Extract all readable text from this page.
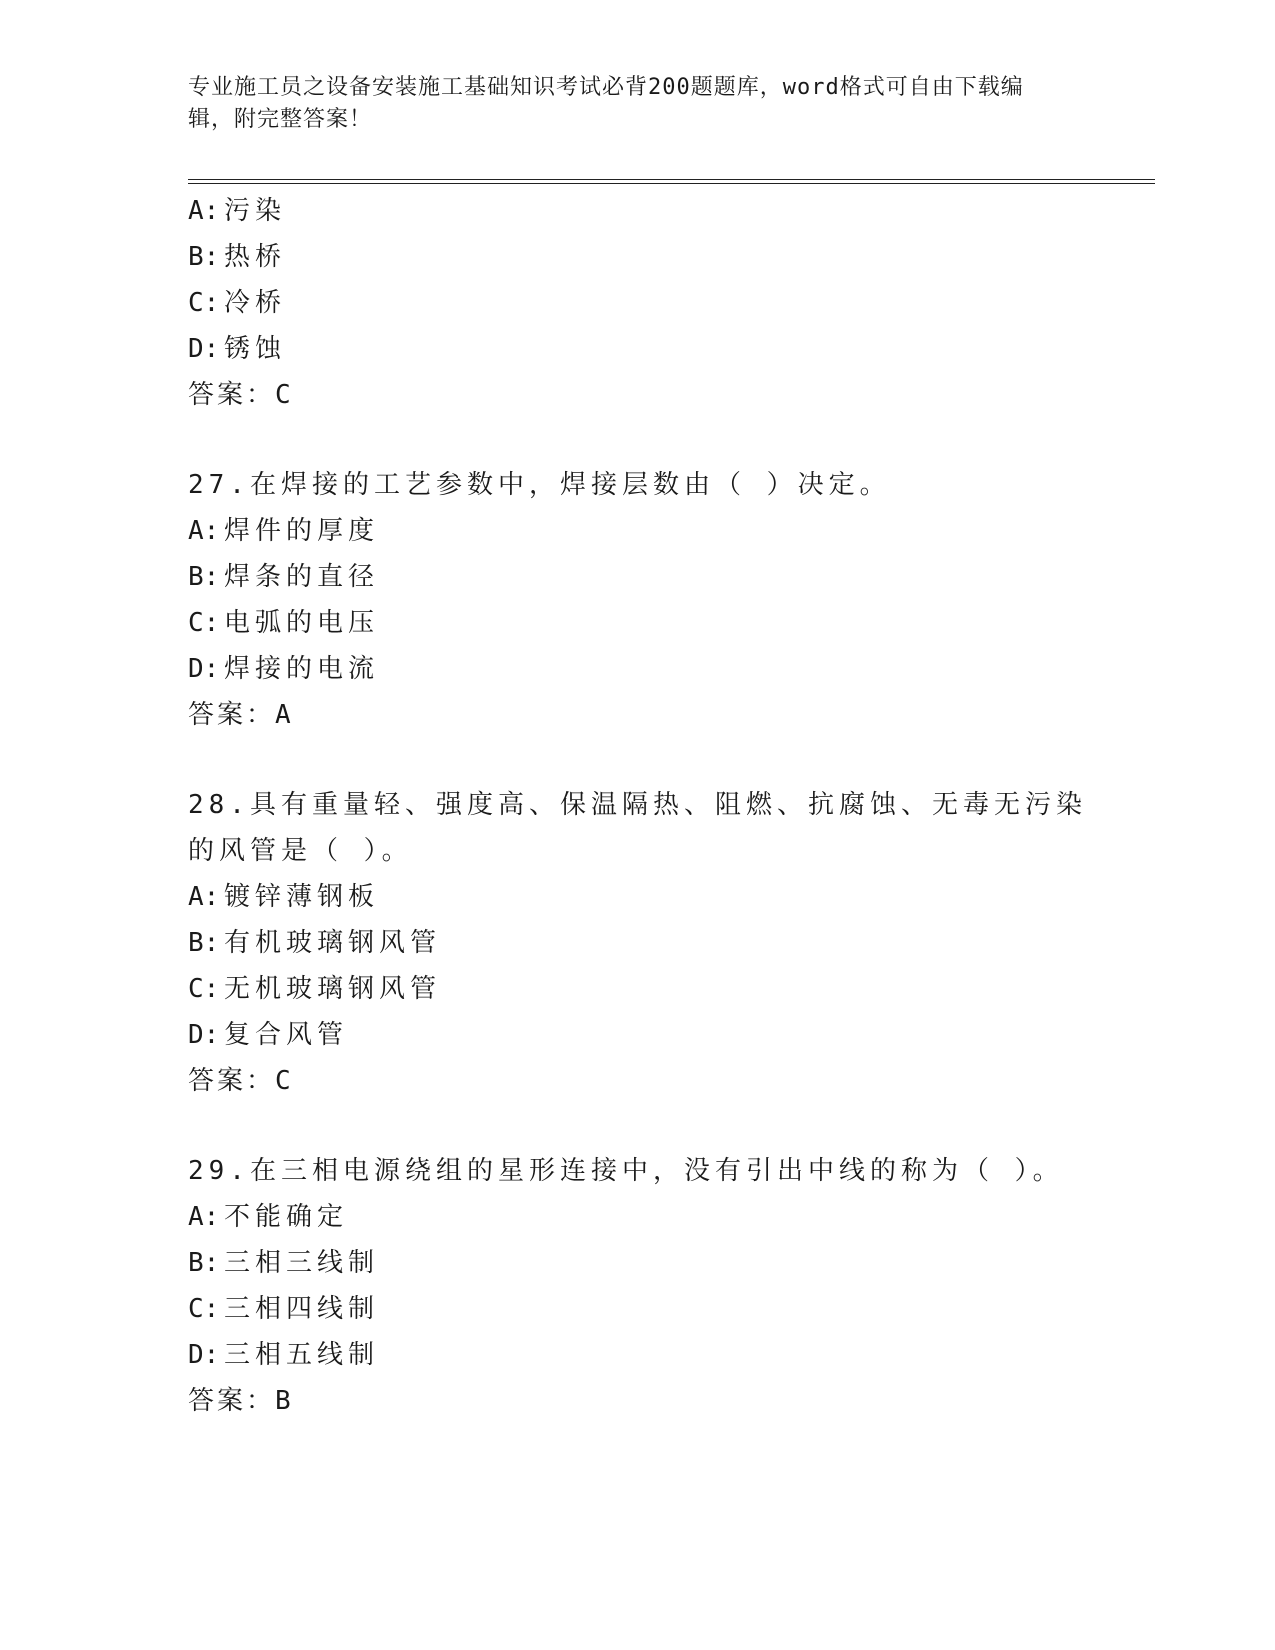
专业施工员之设备安装施工基础知识考试必背200题题库，word格式可自由下载编辑，附完整答案！
A: 污染
B: 热桥
C: 冷桥
D: 锈蚀
答案：C
27.在焊接的工艺参数中，焊接层数由（ ）决定。
A: 焊件的厚度
B: 焊条的直径
C: 电弧的电压
D: 焊接的电流
答案：A
28.具有重量轻、强度高、保温隔热、阻燃、抗腐蚀、无毒无污染的风管是（ ）。
A: 镀锌薄钢板
B: 有机玻璃钢风管
C: 无机玻璃钢风管
D: 复合风管
答案：C
29.在三相电源绕组的星形连接中，没有引出中线的称为（ ）。
A: 不能确定
B: 三相三线制
C: 三相四线制
D: 三相五线制
答案：B
